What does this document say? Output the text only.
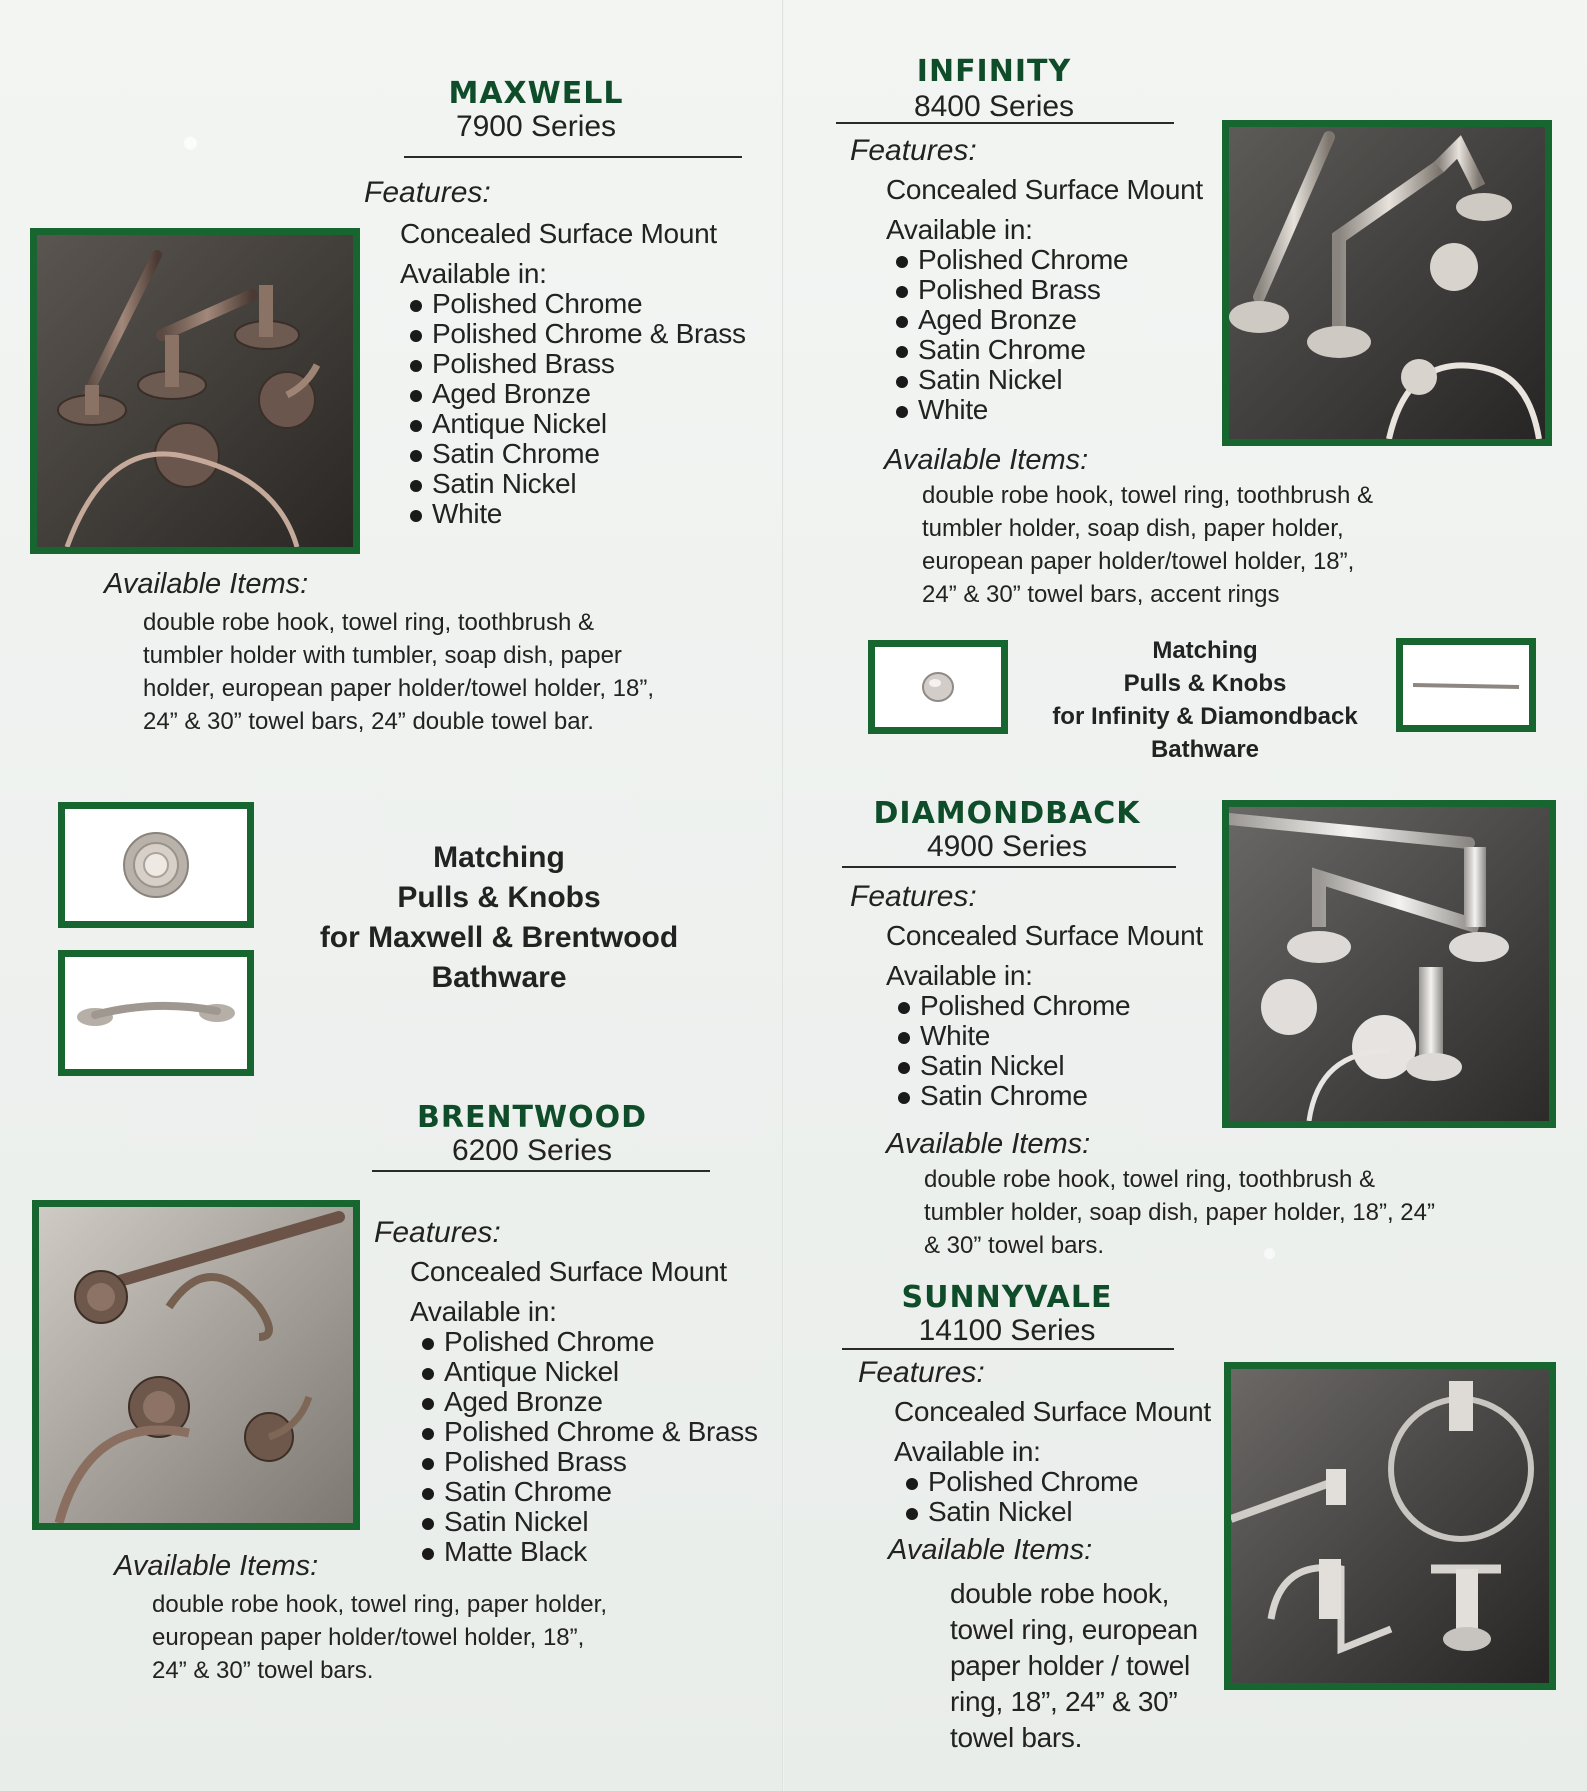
MAXWELL
7900 Series
Features:
Concealed Surface Mount
Available in:
Polished Chrome
Polished Chrome & Brass
Polished Brass
Aged Bronze
Antique Nickel
Satin Chrome
Satin Nickel
White
Available Items:
double robe hook, towel ring, toothbrush &
tumbler holder with tumbler, soap dish, paper
holder, european paper holder/towel holder, 18”,
24” & 30” towel bars, 24” double towel bar.
Matching
Pulls & Knobs
for Maxwell & Brentwood
Bathware
BRENTWOOD
6200 Series
Features:
Concealed Surface Mount
Available in:
Polished Chrome
Antique Nickel
Aged Bronze
Polished Chrome & Brass
Polished Brass
Satin Chrome
Satin Nickel
Matte Black
Available Items:
double robe hook, towel ring, paper holder,
european paper holder/towel holder, 18”,
24” & 30” towel bars.
INFINITY
8400 Series
Features:
Concealed Surface Mount
Available in:
Polished Chrome
Polished Brass
Aged Bronze
Satin Chrome
Satin Nickel
White
Available Items:
double robe hook, towel ring, toothbrush &
tumbler holder, soap dish, paper holder,
european paper holder/towel holder, 18”,
24” & 30” towel bars, accent rings
Matching
Pulls & Knobs
for Infinity & Diamondback
Bathware
DIAMONDBACK
4900 Series
Features:
Concealed Surface Mount
Available in:
Polished Chrome
White
Satin Nickel
Satin Chrome
Available Items:
double robe hook, towel ring, toothbrush &
tumbler holder, soap dish, paper holder, 18”, 24”
& 30” towel bars.
SUNNYVALE
14100 Series
Features:
Concealed Surface Mount
Available in:
Polished Chrome
Satin Nickel
Available Items:
double robe hook,
towel ring, european
paper holder / towel
ring, 18”, 24” & 30”
towel bars.
